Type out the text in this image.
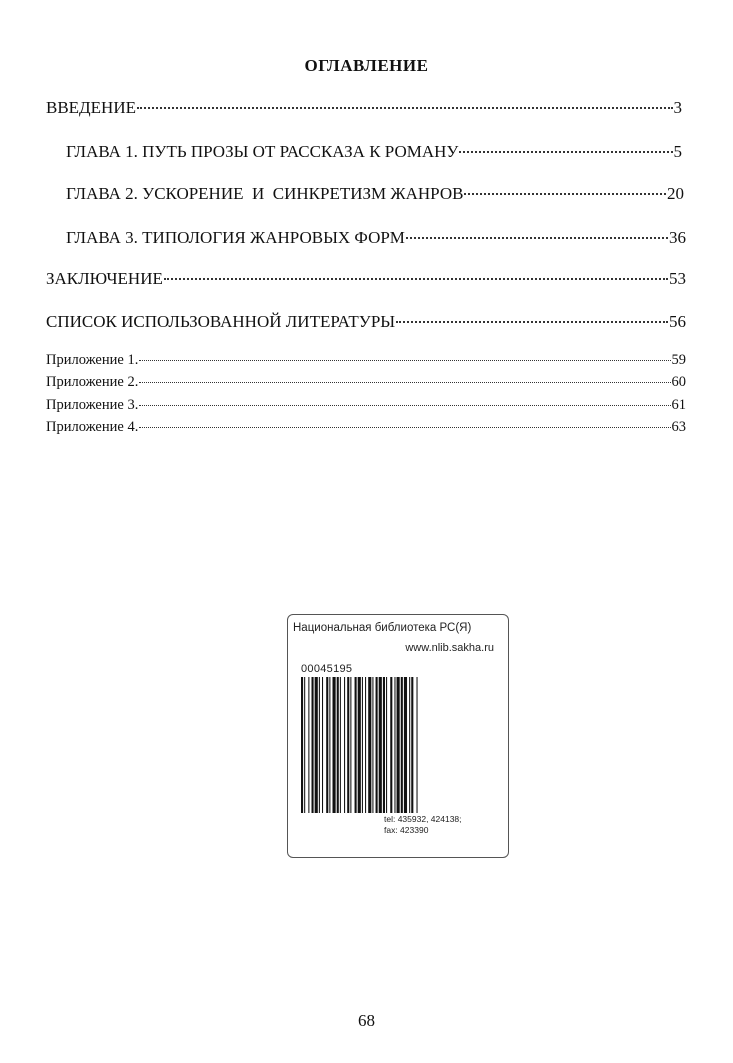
ОГЛАВЛЕНИЕ
ВВЕДЕНИЕ	3
ГЛАВА 1. ПУТЬ ПРОЗЫ ОТ РАССКАЗА К РОМАНУ	5
ГЛАВА 2. УСКОРЕНИЕ  И  СИНКРЕТИЗМ ЖАНРОВ	20
ГЛАВА 3. ТИПОЛОГИЯ ЖАНРОВЫХ ФОРМ	36
ЗАКЛЮЧЕНИЕ	53
СПИСОК ИСПОЛЬЗОВАННОЙ ЛИТЕРАТУРЫ	56
Приложение 1.	59
Приложение 2.	60
Приложение 3.	61
Приложение 4.	63
Национальная библиотека РС(Я)
www.nlib.sakha.ru
00045195
tel: 435932, 424138;
fax: 423390
68
